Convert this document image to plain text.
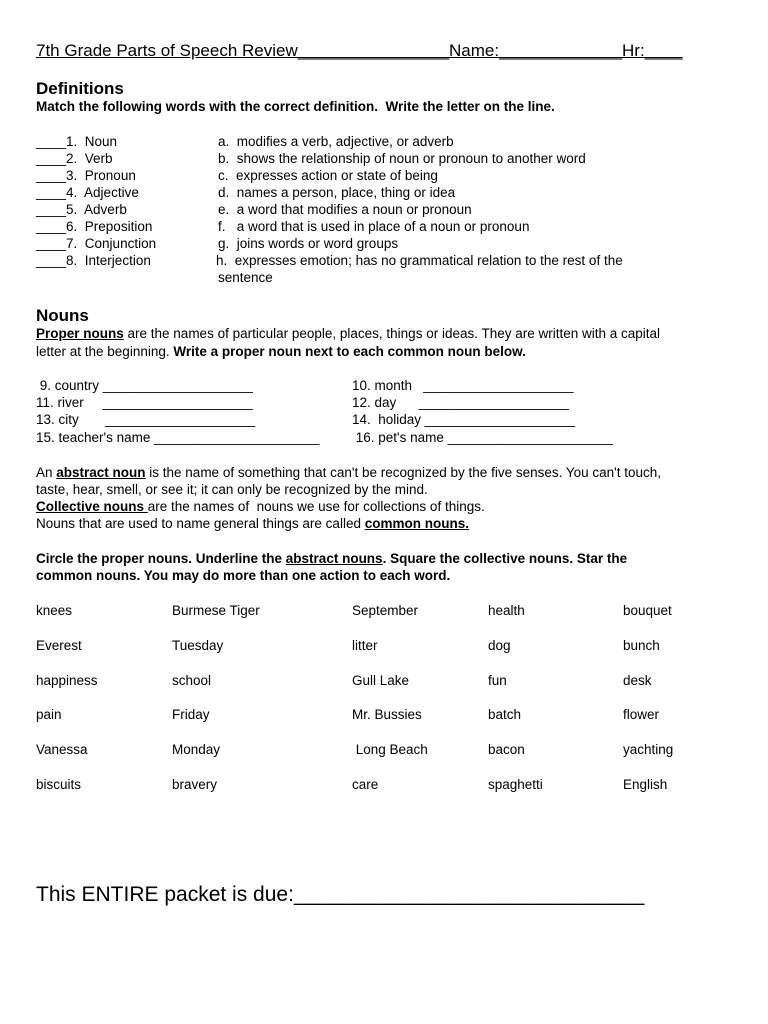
7th Grade Parts of Speech Review________________Name:_____________Hr:____
Definitions
Match the following words with the correct definition.  Write the letter on the line.
____1.  Noun	a.  modifies a verb, adjective, or adverb
____2.  Verb	b.  shows the relationship of noun or pronoun to another word
____3.  Pronoun	c.  expresses action or state of being
____4.  Adjective	d.  names a person, place, thing or idea
____5.  Adverb	e.  a word that modifies a noun or pronoun
____6.  Preposition	f.   a word that is used in place of a noun or pronoun
____7.  Conjunction	g.  joins words or word groups
____8.  Interjection	h.  expresses emotion; has no grammatical relation to the rest of the
sentence
Nouns
Proper nouns are the names of particular people, places, things or ideas. They are written with a capital
letter at the beginning. Write a proper noun next to each common noun below.
9. country ____________________
11. river     ____________________
13. city       ____________________
15. teacher's name ______________________
10. month   ____________________
12. day      ____________________
14.  holiday ____________________
16. pet's name ______________________
An abstract noun is the name of something that can't be recognized by the five senses. You can't touch,
taste, hear, smell, or see it; it can only be recognized by the mind.
Collective nouns are the names of  nouns we use for collections of things.
Nouns that are used to name general things are called common nouns.
Circle the proper nouns. Underline the abstract nouns. Square the collective nouns. Star the
common nouns. You may do more than one action to each word.
knees	Burmese Tiger	September	health	bouquet
Everest	Tuesday	litter	dog	bunch
happiness	school	Gull Lake	fun	desk
pain	Friday	Mr. Bussies	batch	flower
Vanessa	Monday	Long Beach	bacon	yachting
biscuits	bravery	care	spaghetti	English
This ENTIRE packet is due:______________________________
